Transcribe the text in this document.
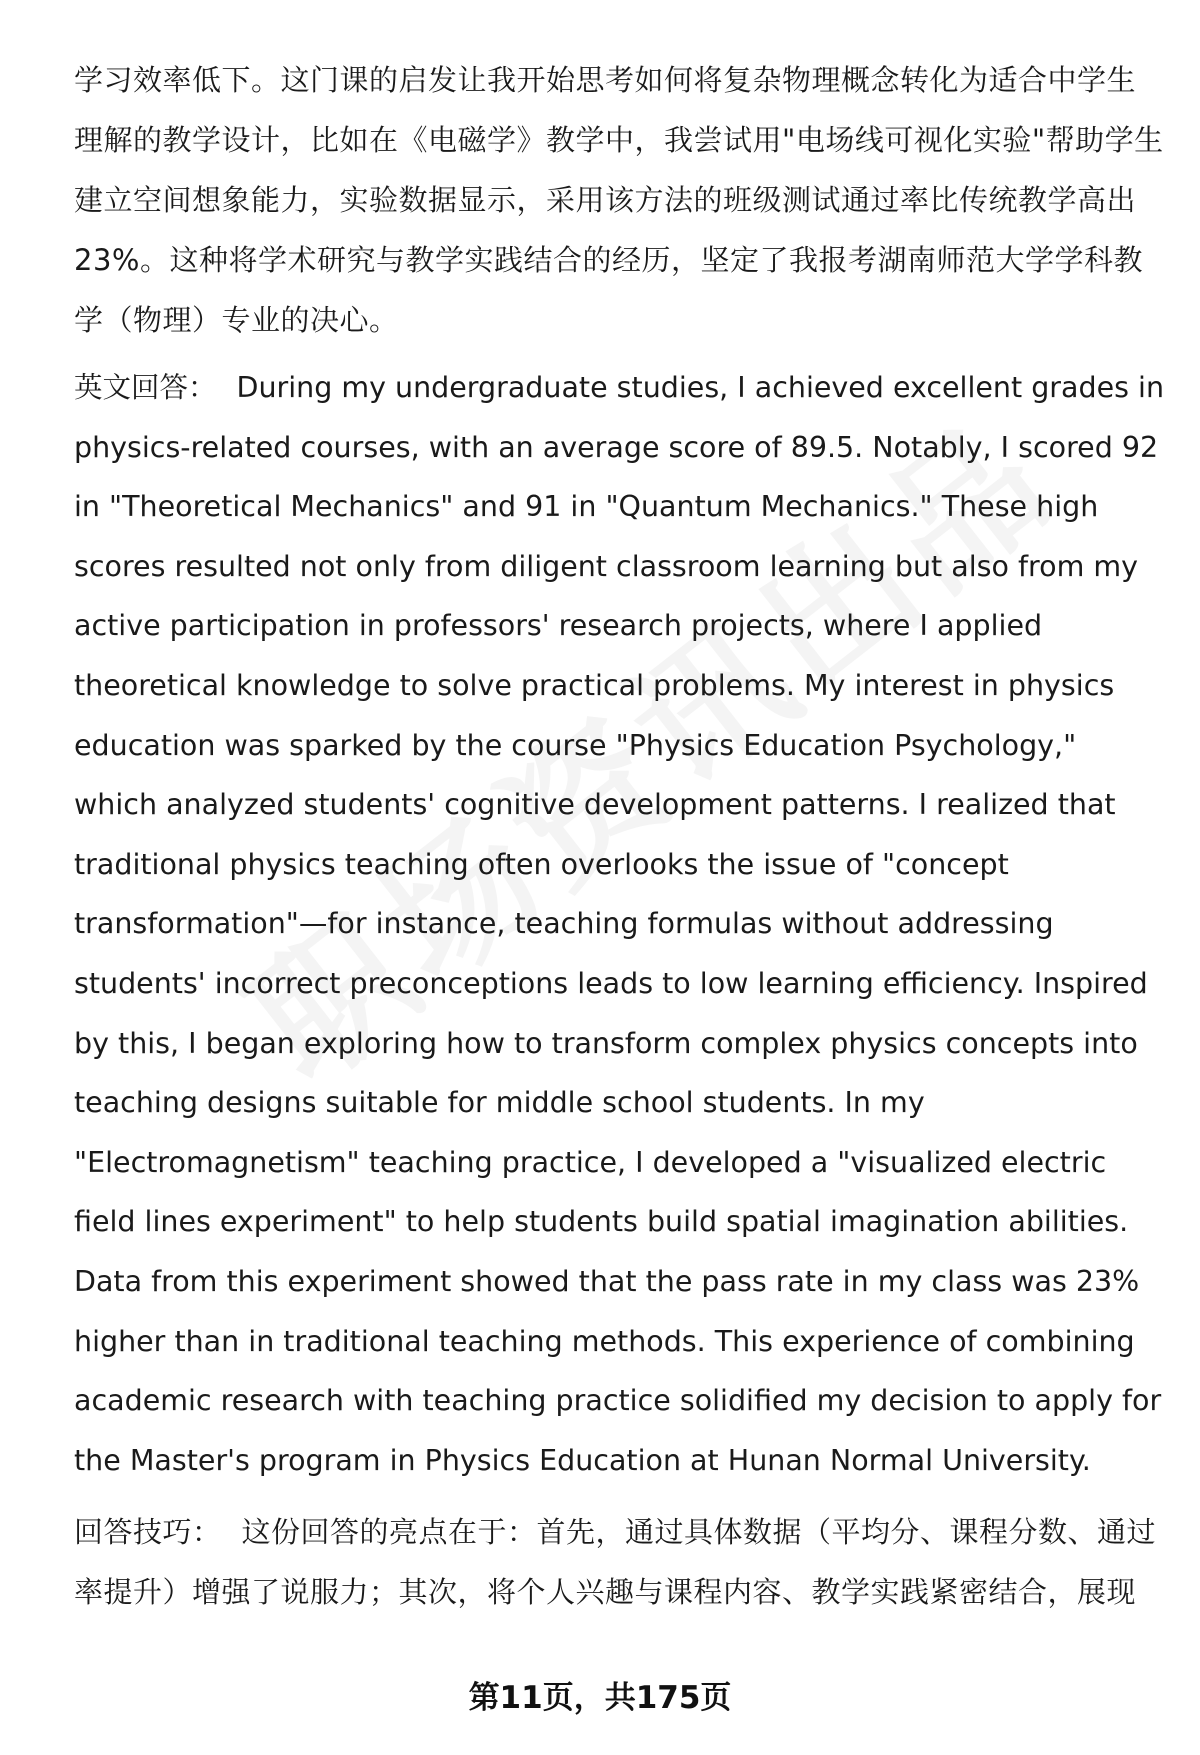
学习效率低下。这门课的启发让我开始思考如何将复杂物理概念转化为适合中学生理解的教学设计，比如在《电磁学》教学中，我尝试用"电场线可视化实验"帮助学生建立空间想象能力，实验数据显示，采用该方法的班级测试通过率比传统教学高出23%。这种将学术研究与教学实践结合的经历，坚定了我报考湖南师范大学学科教学（物理）专业的决心。

英文回答： During my undergraduate studies, I achieved excellent grades in physics-related courses, with an average score of 89.5. Notably, I scored 92 in "Theoretical Mechanics" and 91 in "Quantum Mechanics." These high scores resulted not only from diligent classroom learning but also from my active participation in professors' research projects, where I applied theoretical knowledge to solve practical problems. My interest in physics education was sparked by the course "Physics Education Psychology," which analyzed students' cognitive development patterns. I realized that traditional physics teaching often overlooks the issue of "concept transformation"—for instance, teaching formulas without addressing students' incorrect preconceptions leads to low learning efficiency. Inspired by this, I began exploring how to transform complex physics concepts into teaching designs suitable for middle school students. In my "Electromagnetism" teaching practice, I developed a "visualized electric field lines experiment" to help students build spatial imagination abilities. Data from this experiment showed that the pass rate in my class was 23% higher than in traditional teaching methods. This experience of combining academic research with teaching practice solidified my decision to apply for the Master's program in Physics Education at Hunan Normal University.

回答技巧： 这份回答的亮点在于：首先，通过具体数据（平均分、课程分数、通过率提升）增强了说服力；其次，将个人兴趣与课程内容、教学实践紧密结合，展现

第11页，共175页
